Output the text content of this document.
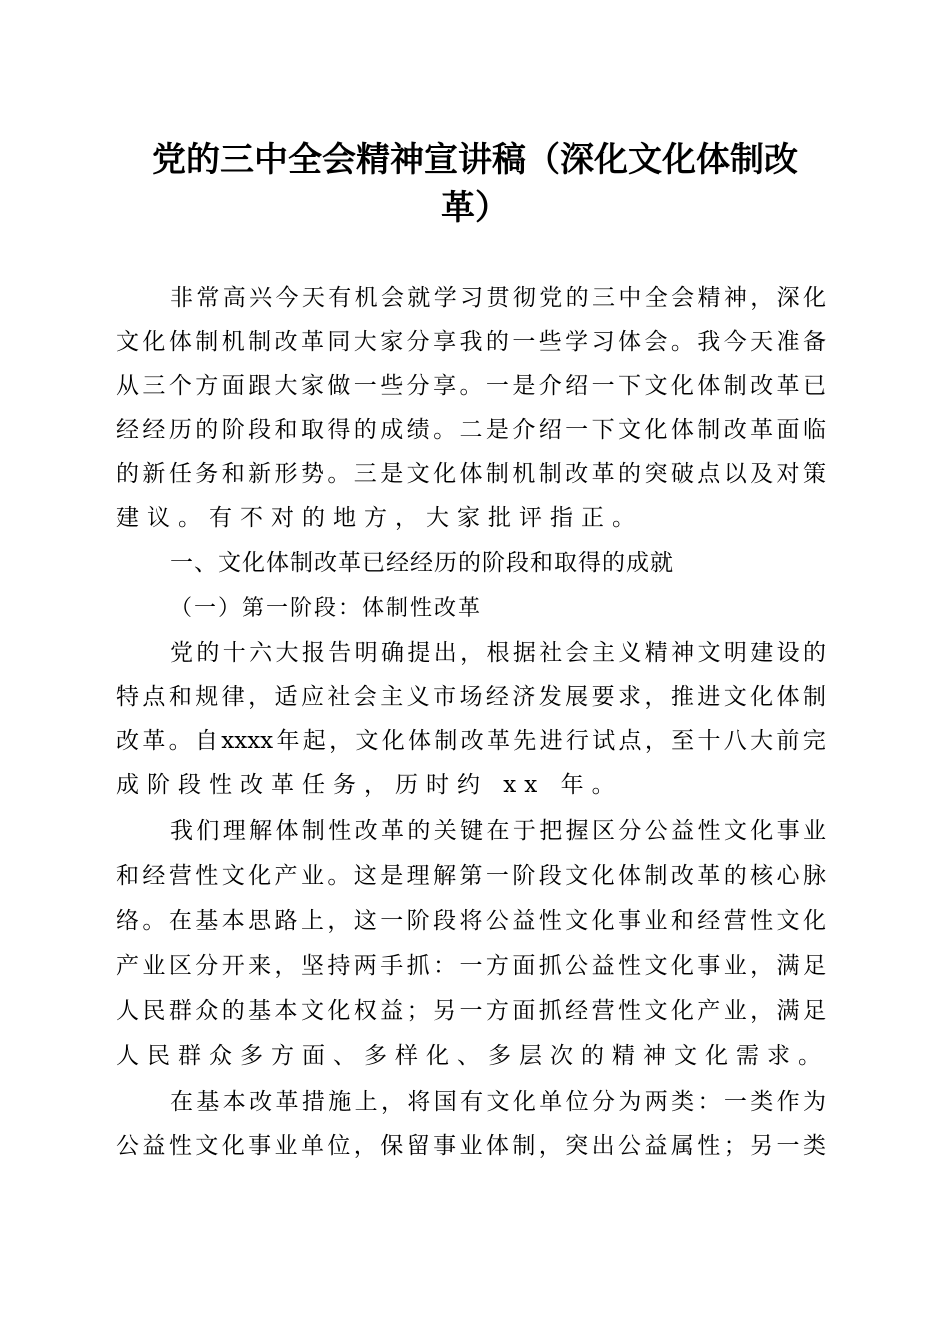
党的三中全会精神宣讲稿（深化文化体制改
革）
非 常 高 兴 今 天 有 机 会 就 学 习 贯 彻 党 的 三 中 全 会 精 神 ， 深 化
文 化 体 制 机 制 改 革 同 大 家 分 享 我 的 一 些 学 习 体 会 。 我 今 天 准 备
从 三 个 方 面 跟 大 家 做 一 些 分 享 。 一 是 介 绍 一 下 文 化 体 制 改 革 已
经 经 历 的 阶 段 和 取 得 的 成 绩 。 二 是 介 绍 一 下 文 化 体 制 改 革 面 临
的 新 任 务 和 新 形 势 。 三 是 文 化 体 制 机 制 改 革 的 突 破 点 以 及 对 策
建议。有不对的地方，大家批评指正。
一、文化体制改革已经经历的阶段和取得的成就
（一）第一阶段：体制性改革
党 的 十 六 大 报 告 明 确 提 出 ， 根 据 社 会 主 义 精 神 文 明 建 设 的
特 点 和 规 律 ， 适 应 社 会 主 义 市 场 经 济 发 展 要 求 ， 推 进 文 化 体 制
改 革 。 自 xxxx 年 起 ， 文 化 体 制 改 革 先 进 行 试 点 ， 至 十 八 大 前 完
成阶段性改革任务，历时约 xx 年。
我 们 理 解 体 制 性 改 革 的 关 键 在 于 把 握 区 分 公 益 性 文 化 事 业
和 经 营 性 文 化 产 业 。 这 是 理 解 第 一 阶 段 文 化 体 制 改 革 的 核 心 脉
络 。 在 基 本 思 路 上 ， 这 一 阶 段 将 公 益 性 文 化 事 业 和 经 营 性 文 化
产 业 区 分 开 来 ， 坚 持 两 手 抓 ： 一 方 面 抓 公 益 性 文 化 事 业 ， 满 足
人 民 群 众 的 基 本 文 化 权 益 ； 另 一 方 面 抓 经 营 性 文 化 产 业 ， 满 足
人民群众多方面、多样化、多层次的精神文化需求。
在 基 本 改 革 措 施 上 ， 将 国 有 文 化 单 位 分 为 两 类 ： 一 类 作 为
公 益 性 文 化 事 业 单 位 ， 保 留 事 业 体 制 ， 突 出 公 益 属 性 ； 另 一 类
